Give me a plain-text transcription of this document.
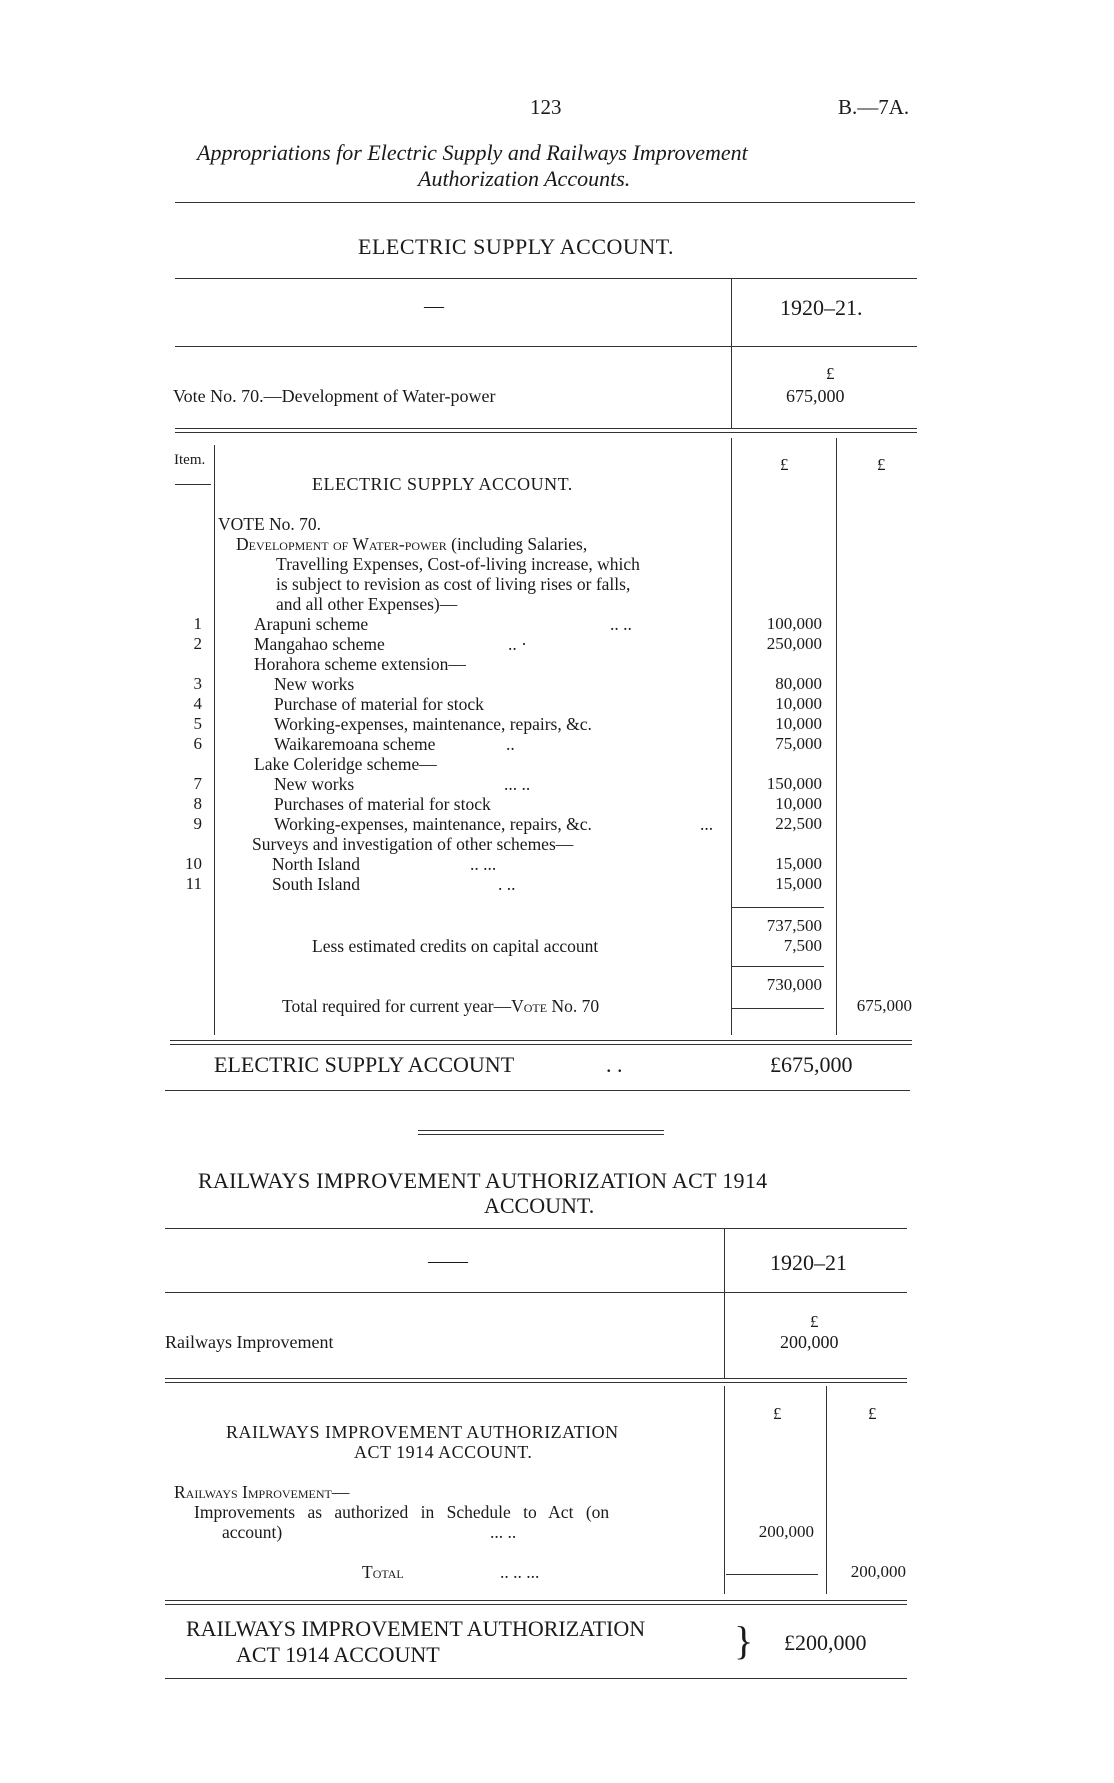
123	B.—7A.
Appropriations for Electric Supply and Railways Improvement
Authorization Accounts.
ELECTRIC SUPPLY ACCOUNT.
—	1920–21.
£
Vote No. 70.—Development of Water-power	675,000
Item.
ELECTRIC SUPPLY ACCOUNT.
£	£
VOTE No. 70.
Development of Water-power (including Salaries,
Travelling Expenses, Cost-of-living increase, which
is subject to revision as cost of living rises or falls,
and all other Expenses)—
1	Arapuni scheme	.. ..	100,000
2	Mangahao scheme	.. ·	250,000
Horahora scheme extension—
3	New works	80,000
4	Purchase of material for stock	10,000
5	Working-expenses, maintenance, repairs, &c.	10,000
6	Waikaremoana scheme	..	75,000
Lake Coleridge scheme—
7	New works	... ..	150,000
8	Purchases of material for stock	10,000
9	Working-expenses, maintenance, repairs, &c.	...	22,500
Surveys and investigation of other schemes—
10	North Island	.. ...	15,000
11	South Island	. ..	15,000
737,500
Less estimated credits on capital account	7,500
730,000
Total required for current year—Vote No. 70	675,000
ELECTRIC SUPPLY ACCOUNT	. .	£675,000
RAILWAYS IMPROVEMENT AUTHORIZATION ACT 1914
ACCOUNT.
——	1920–21
£
Railways Improvement	200,000
£	£
RAILWAYS IMPROVEMENT AUTHORIZATION
ACT 1914 ACCOUNT.
Railways Improvement—
Improvements as authorized in Schedule to Act (on
account)	... ..	200,000
Total	.. .. ...	200,000
RAILWAYS IMPROVEMENT AUTHORIZATION
ACT 1914 ACCOUNT	} £200,000
